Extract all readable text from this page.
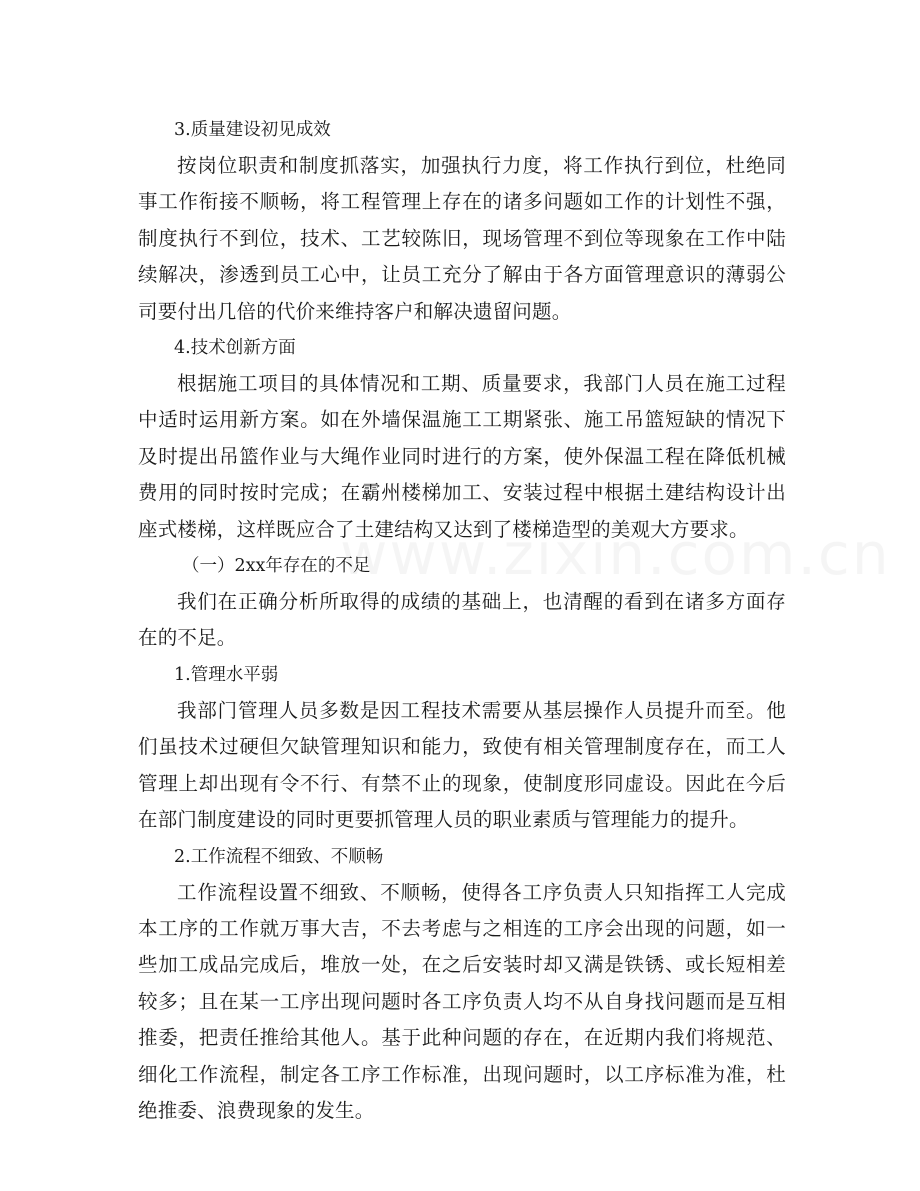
3.质量建设初见成效

按岗位职责和制度抓落实，加强执行力度，将工作执行到位，杜绝同事工作衔接不顺畅，将工程管理上存在的诸多问题如工作的计划性不强，制度执行不到位，技术、工艺较陈旧，现场管理不到位等现象在工作中陆续解决，渗透到员工心中，让员工充分了解由于各方面管理意识的薄弱公司要付出几倍的代价来维持客户和解决遗留问题。

4.技术创新方面

根据施工项目的具体情况和工期、质量要求，我部门人员在施工过程中适时运用新方案。如在外墙保温施工工期紧张、施工吊篮短缺的情况下及时提出吊篮作业与大绳作业同时进行的方案，使外保温工程在降低机械费用的同时按时完成；在霸州楼梯加工、安装过程中根据土建结构设计出座式楼梯，这样既应合了土建结构又达到了楼梯造型的美观大方要求。

（一）2xx年存在的不足

我们在正确分析所取得的成绩的基础上，也清醒的看到在诸多方面存在的不足。

1.管理水平弱

我部门管理人员多数是因工程技术需要从基层操作人员提升而至。他们虽技术过硬但欠缺管理知识和能力，致使有相关管理制度存在，而工人管理上却出现有令不行、有禁不止的现象，使制度形同虚设。因此在今后在部门制度建设的同时更要抓管理人员的职业素质与管理能力的提升。

2.工作流程不细致、不顺畅

工作流程设置不细致、不顺畅，使得各工序负责人只知指挥工人完成本工序的工作就万事大吉，不去考虑与之相连的工序会出现的问题，如一些加工成品完成后，堆放一处，在之后安装时却又满是铁锈、或长短相差较多；且在某一工序出现问题时各工序负责人均不从自身找问题而是互相推委，把责任推给其他人。基于此种问题的存在，在近期内我们将规范、细化工作流程，制定各工序工作标准，出现问题时，以工序标准为准，杜绝推委、浪费现象的发生。
